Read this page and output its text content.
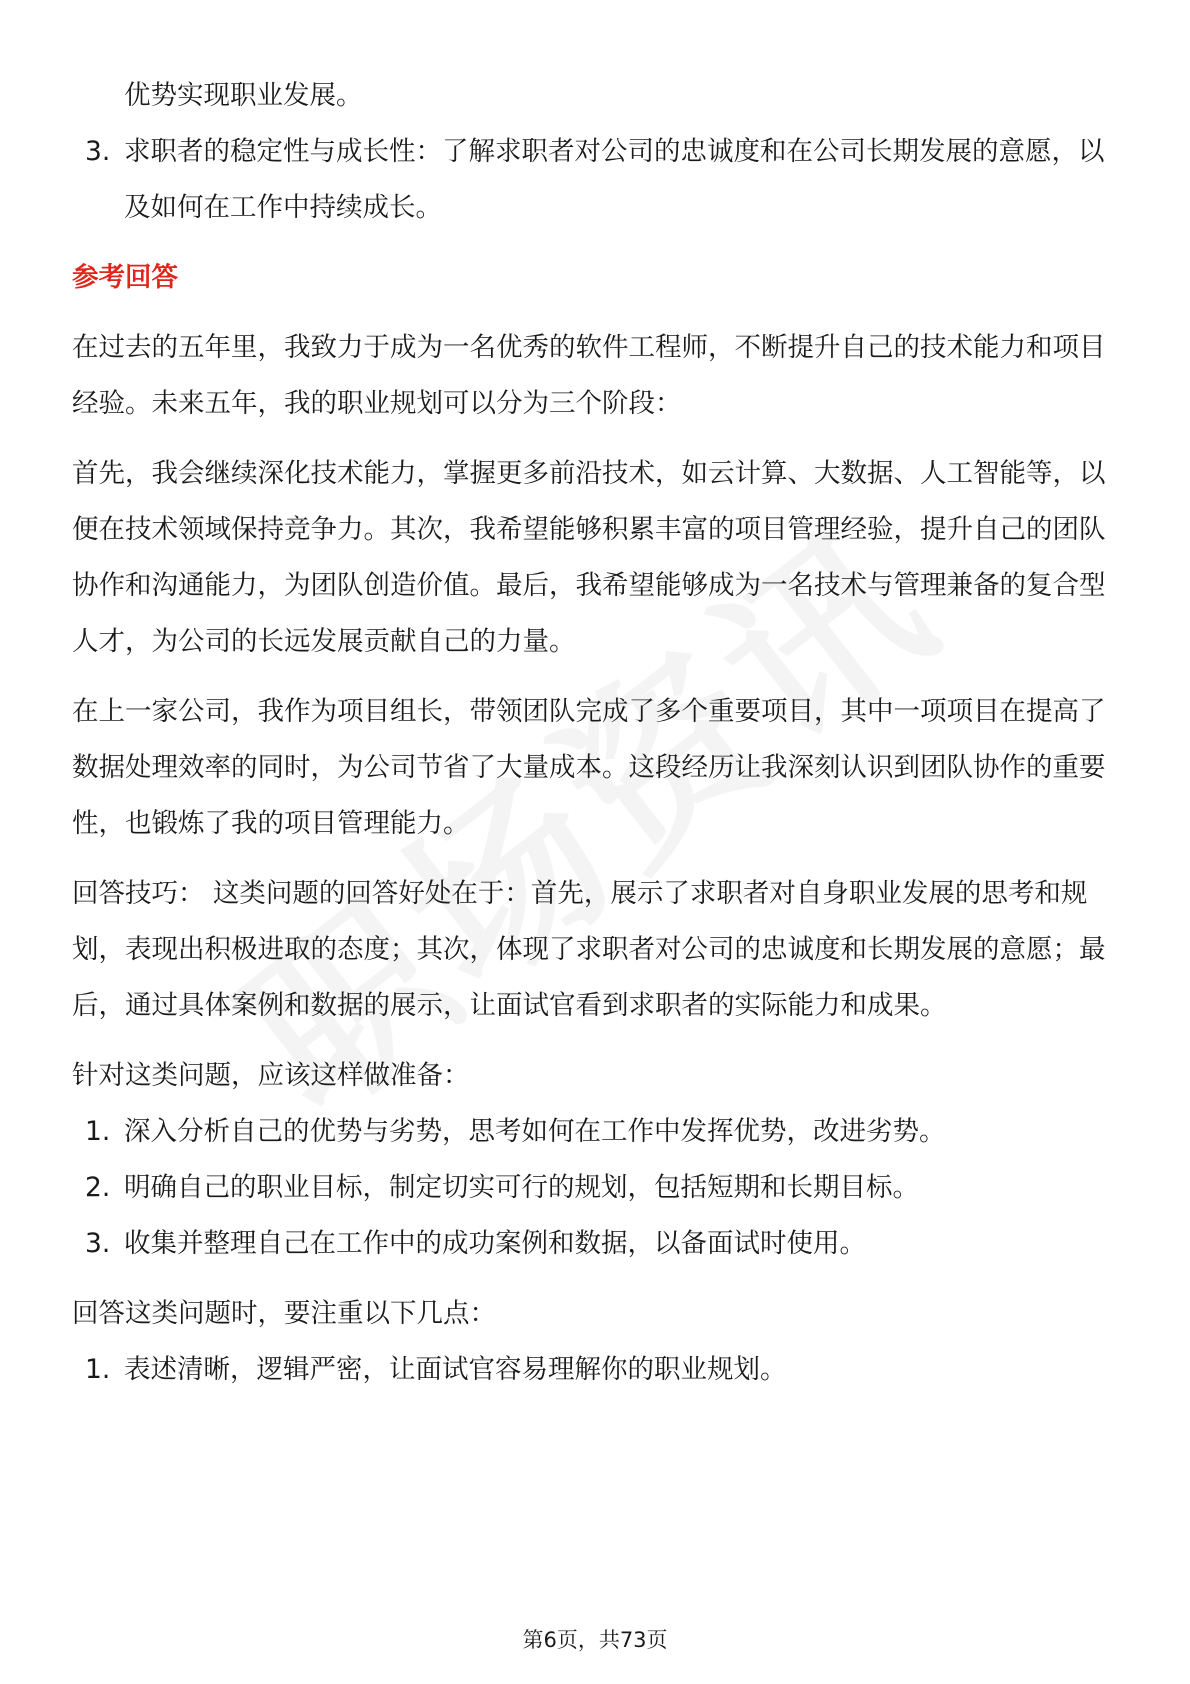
优势实现职业发展。

3. 求职者的稳定性与成长性：了解求职者对公司的忠诚度和在公司长期发展的意愿，以及如何在工作中持续成长。
参考回答

在过去的五年里，我致力于成为一名优秀的软件工程师，不断提升自己的技术能力和项目经验。未来五年，我的职业规划可以分为三个阶段：

首先，我会继续深化技术能力，掌握更多前沿技术，如云计算、大数据、人工智能等，以便在技术领域保持竞争力。其次，我希望能够积累丰富的项目管理经验，提升自己的团队协作和沟通能力，为团队创造价值。最后，我希望能够成为一名技术与管理兼备的复合型人才，为公司的长远发展贡献自己的力量。

在上一家公司，我作为项目组长，带领团队完成了多个重要项目，其中一项项目在提高了数据处理效率的同时，为公司节省了大量成本。这段经历让我深刻认识到团队协作的重要性，也锻炼了我的项目管理能力。

回答技巧： 这类问题的回答好处在于：首先，展示了求职者对自身职业发展的思考和规划，表现出积极进取的态度；其次，体现了求职者对公司的忠诚度和长期发展的意愿；最后，通过具体案例和数据的展示，让面试官看到求职者的实际能力和成果。

针对这类问题，应该这样做准备：

1. 深入分析自己的优势与劣势，思考如何在工作中发挥优势，改进劣势。
2. 明确自己的职业目标，制定切实可行的规划，包括短期和长期目标。
3. 收集并整理自己在工作中的成功案例和数据，以备面试时使用。

回答这类问题时，要注重以下几点：

1. 表述清晰，逻辑严密，让面试官容易理解你的职业规划。
第6页，共73页
